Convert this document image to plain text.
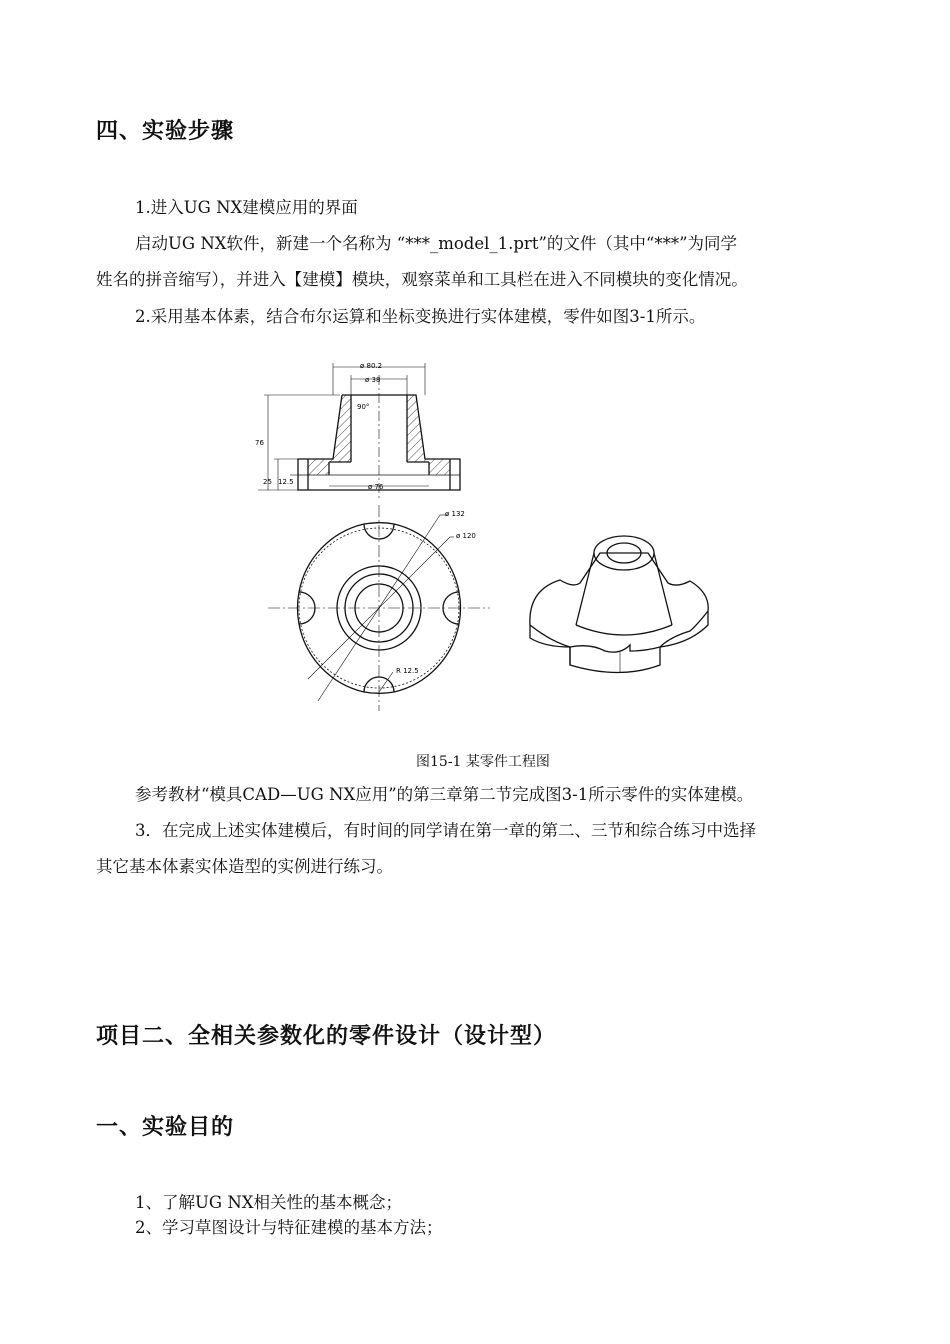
四、实验步骤
1.进入UG NX建模应用的界面
启动UG NX软件，新建一个名称为 “***_model_1.prt”的文件（其中“***”为同学
姓名的拼音缩写），并进入【建模】模块，观察菜单和工具栏在进入不同模块的变化情况。
2.采用基本体素，结合布尔运算和坐标变换进行实体建模，零件如图3-1所示。
ø 80.2
ø 38
90°
76
25 12.5
ø 76
ø 132
ø 120
R 12.5
图15-1 某零件工程图
参考教材“模具CAD—UG NX应用”的第三章第二节完成图3-1所示零件的实体建模。
3．在完成上述实体建模后，有时间的同学请在第一章的第二、三节和综合练习中选择
其它基本体素实体造型的实例进行练习。
项目二、全相关参数化的零件设计（设计型）
一、实验目的
1、了解UG NX相关性的基本概念；
2、学习草图设计与特征建模的基本方法；
